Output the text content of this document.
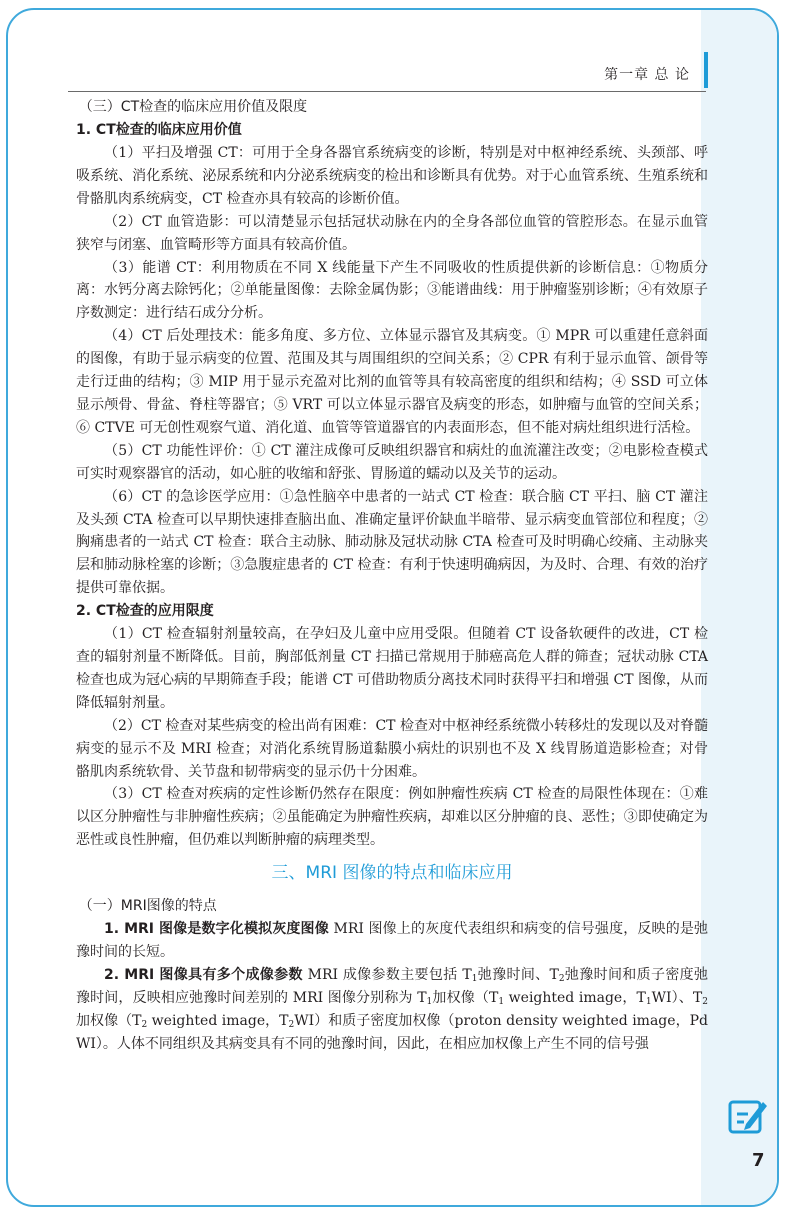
第一章 总 论

（三）CT检查的临床应用价值及限度

1. CT检查的临床应用价值

（1）平扫及增强 CT：可用于全身各器官系统病变的诊断，特别是对中枢神经系统、头颈部、呼吸系统、消化系统、泌尿系统和内分泌系统病变的检出和诊断具有优势。对于心血管系统、生殖系统和骨骼肌肉系统病变，CT 检查亦具有较高的诊断价值。

（2）CT 血管造影：可以清楚显示包括冠状动脉在内的全身各部位血管的管腔形态。在显示血管狭窄与闭塞、血管畸形等方面具有较高价值。

（3）能谱 CT：利用物质在不同 X 线能量下产生不同吸收的性质提供新的诊断信息：①物质分离：水钙分离去除钙化；②单能量图像：去除金属伪影；③能谱曲线：用于肿瘤鉴别诊断；④有效原子序数测定：进行结石成分分析。

（4）CT 后处理技术：能多角度、多方位、立体显示器官及其病变。① MPR 可以重建任意斜面的图像，有助于显示病变的位置、范围及其与周围组织的空间关系；② CPR 有利于显示血管、颌骨等走行迂曲的结构；③ MIP 用于显示充盈对比剂的血管等具有较高密度的组织和结构；④ SSD 可立体显示颅骨、骨盆、脊柱等器官；⑤ VRT 可以立体显示器官及病变的形态，如肿瘤与血管的空间关系；⑥ CTVE 可无创性观察气道、消化道、血管等管道器官的内表面形态，但不能对病灶组织进行活检。

（5）CT 功能性评价：① CT 灌注成像可反映组织器官和病灶的血流灌注改变；②电影检查模式可实时观察器官的活动，如心脏的收缩和舒张、胃肠道的蠕动以及关节的运动。

（6）CT 的急诊医学应用：①急性脑卒中患者的一站式 CT 检查：联合脑 CT 平扫、脑 CT 灌注及头颈 CTA 检查可以早期快速排查脑出血、准确定量评价缺血半暗带、显示病变血管部位和程度；②胸痛患者的一站式 CT 检查：联合主动脉、肺动脉及冠状动脉 CTA 检查可及时明确心绞痛、主动脉夹层和肺动脉栓塞的诊断；③急腹症患者的 CT 检查：有利于快速明确病因，为及时、合理、有效的治疗提供可靠依据。

2. CT检查的应用限度

（1）CT 检查辐射剂量较高，在孕妇及儿童中应用受限。但随着 CT 设备软硬件的改进，CT 检查的辐射剂量不断降低。目前，胸部低剂量 CT 扫描已常规用于肺癌高危人群的筛查；冠状动脉 CTA 检查也成为冠心病的早期筛查手段；能谱 CT 可借助物质分离技术同时获得平扫和增强 CT 图像，从而降低辐射剂量。

（2）CT 检查对某些病变的检出尚有困难：CT 检查对中枢神经系统微小转移灶的发现以及对脊髓病变的显示不及 MRI 检查；对消化系统胃肠道黏膜小病灶的识别也不及 X 线胃肠道造影检查；对骨骼肌肉系统软骨、关节盘和韧带病变的显示仍十分困难。

（3）CT 检查对疾病的定性诊断仍然存在限度：例如肿瘤性疾病 CT 检查的局限性体现在：①难以区分肿瘤性与非肿瘤性疾病；②虽能确定为肿瘤性疾病，却难以区分肿瘤的良、恶性；③即使确定为恶性或良性肿瘤，但仍难以判断肿瘤的病理类型。

三、MRI 图像的特点和临床应用

（一）MRI图像的特点

1. MRI 图像是数字化模拟灰度图像 MRI 图像上的灰度代表组织和病变的信号强度，反映的是弛豫时间的长短。

2. MRI 图像具有多个成像参数 MRI 成像参数主要包括 $T_1$弛豫时间、$T_2$弛豫时间和质子密度弛豫时间，反映相应弛豫时间差别的 MRI 图像分别称为 $T_1$加权像（$T_1$ weighted image，$T_1WI$）、$T_2$加权像（$T_2$ weighted image，$T_2WI$）和质子密度加权像（proton density weighted image，PdWI）。人体不同组织及其病变具有不同的弛豫时间，因此，在相应加权像上产生不同的信号强

7
